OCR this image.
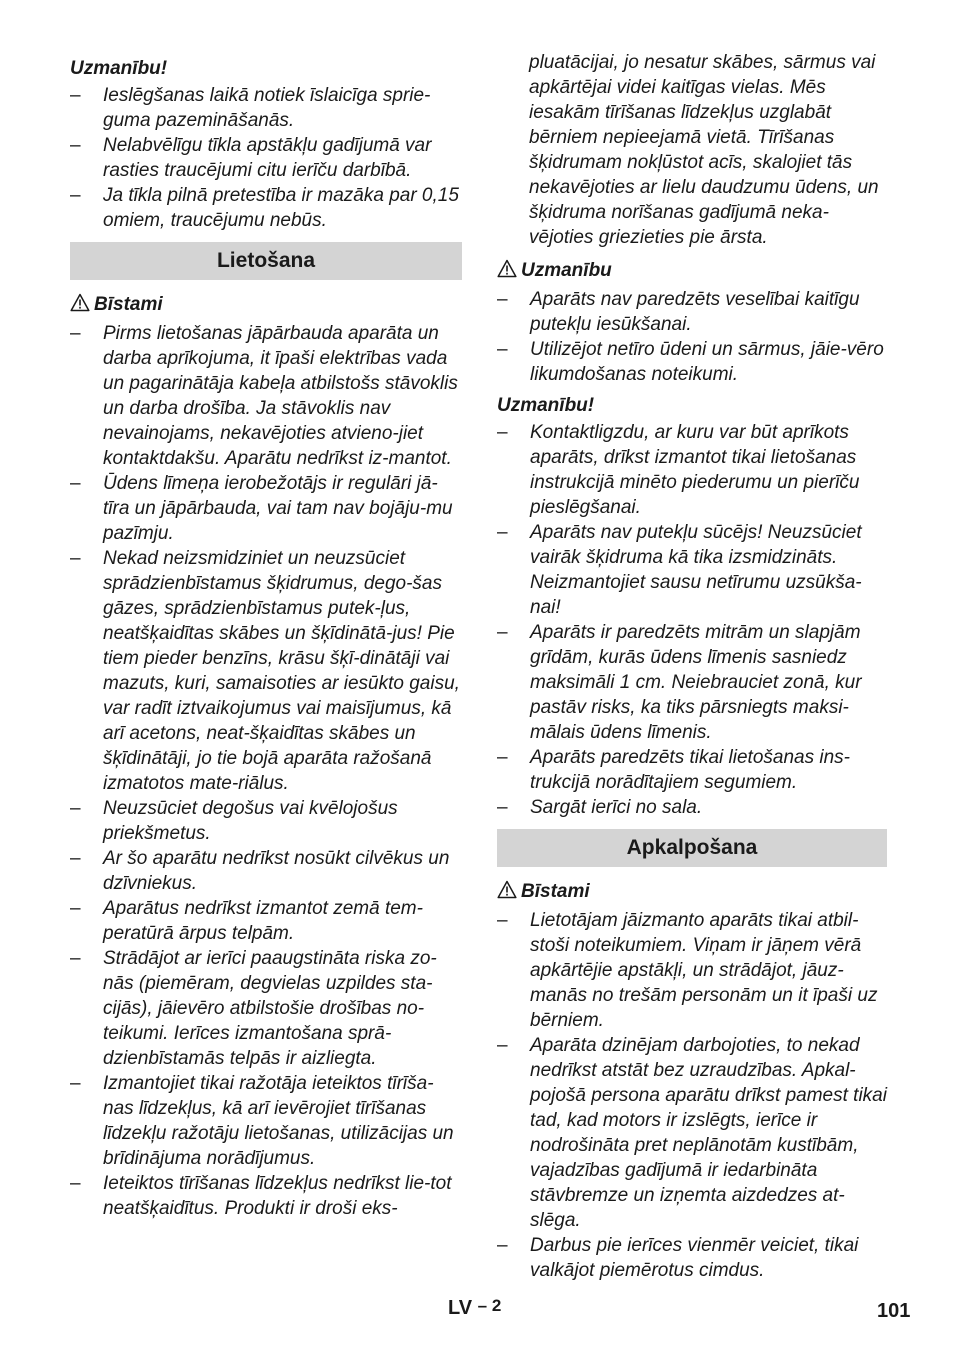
Uzmanību!
– Ieslēgšanas laikā notiek īslaicīga sprie-guma pazemināšanās.
– Nelabvēlīgu tīkla apstākļu gadījumā var rasties traucējumi citu ierīču darbībā.
– Ja tīkla pilnā pretestība ir mazāka par 0,15 omiem, traucējumu nebūs.
Lietošana
Bīstami
– Pirms lietošanas jāpārbauda aparāta un darba aprīkojuma, it īpaši elektrības vada un pagarinātāja kabeļa atbilstošs stāvoklis un darba drošība. Ja stāvoklis nav nevainojams, nekavējoties atvieno-jiet kontaktdakšu. Aparātu nedrīkst iz-mantot.
– Ūdens līmeņa ierobežotājs ir regulāri jā-tīra un jāpārbauda, vai tam nav bojāju-mu pazīmju.
– Nekad neizsmidziniet un neuzsūciet sprādzienbīstamus šķidrumus, dego-šas gāzes, sprādzienbīstamus putek-ļus, neatšķaidītas skābes un šķīdinātā-jus! Pie tiem pieder benzīns, krāsu šķī-dinātāji vai mazuts, kuri, samaisoties ar iesūkto gaisu, var radīt iztvaikojumus vai maisījumus, kā arī acetons, neat-šķaidītas skābes un šķīdinātāji, jo tie bojā aparāta ražošanā izmatotos mate-riālus.
– Neuzsūciet degošus vai kvēlojošus priekšmetus.
– Ar šo aparātu nedrīkst nosūkt cilvēkus un dzīvniekus.
– Aparātus nedrīkst izmantot zemā tem-peratūrā ārpus telpām.
– Strādājot ar ierīci paaugstināta riska zo-nās (piemēram, degvielas uzpildes sta-cijās), jāievēro atbilstošie drošības no-teikumi. Ierīces izmantošana sprā-dzienbīstamās telpās ir aizliegta.
– Izmantojiet tikai ražotāja ieteiktos tīrīša-nas līdzekļus, kā arī ievērojiet tīrīšanas līdzekļu ražotāju lietošanas, utilizācijas un brīdinājuma norādījumus.
– Ieteiktos tīrīšanas līdzekļus nedrīkst lie-tot neatšķaidītus. Produkti ir droši eks-
pluatācijai, jo nesatur skābes, sārmus vai apkārtējai videi kaitīgas vielas. Mēs iesakām tīrīšanas līdzekļus uzglabāt bērniem nepieejamā vietā. Tīrīšanas šķidrumam nokļūstot acīs, skalojiet tās nekavējoties ar lielu daudzumu ūdens, un šķidruma norīšanas gadījumā neka-vējoties griezieties pie ārsta.
Uzmanību
– Aparāts nav paredzēts veselībai kaitīgu putekļu iesūkšanai.
– Utilizējot netīro ūdeni un sārmus, jāie-vēro likumdošanas noteikumi.
Uzmanību!
– Kontaktligzdu, ar kuru var būt aprīkots aparāts, drīkst izmantot tikai lietošanas instrukcijā minēto piederumu un pierīču pieslēgšanai.
– Aparāts nav putekļu sūcējs! Neuzsūciet vairāk šķidruma kā tika izsmidzināts. Neizmantojiet sausu netīrumu uzsūkša-nai!
– Aparāts ir paredzēts mitrām un slapjām grīdām, kurās ūdens līmenis sasniedz maksimāli 1 cm. Neiebrauciet zonā, kur pastāv risks, ka tiks pārsniegts maksi-mālais ūdens līmenis.
– Aparāts paredzēts tikai lietošanas ins-trukcijā norādītajiem segumiem.
– Sargāt ierīci no sala.
Apkalpošana
Bīstami
– Lietotājam jāizmanto aparāts tikai atbil-stoši noteikumiem. Viņam ir jāņem vērā apkārtējie apstākļi, un strādājot, jāuz-manās no trešām personām un it īpaši uz bērniem.
– Aparāta dzinējam darbojoties, to nekad nedrīkst atstāt bez uzraudzības. Apkal-pojošā persona aparātu drīkst pamest tikai tad, kad motors ir izslēgts, ierīce ir nodrošināta pret neplānotām kustībām, vajadzības gadījumā ir iedarbināta stāvbremze un izņemta aizdedzes at-slēga.
– Darbus pie ierīces vienmēr veiciet, tikai valkājot piemērotus cimdus.
LV – 2	101
